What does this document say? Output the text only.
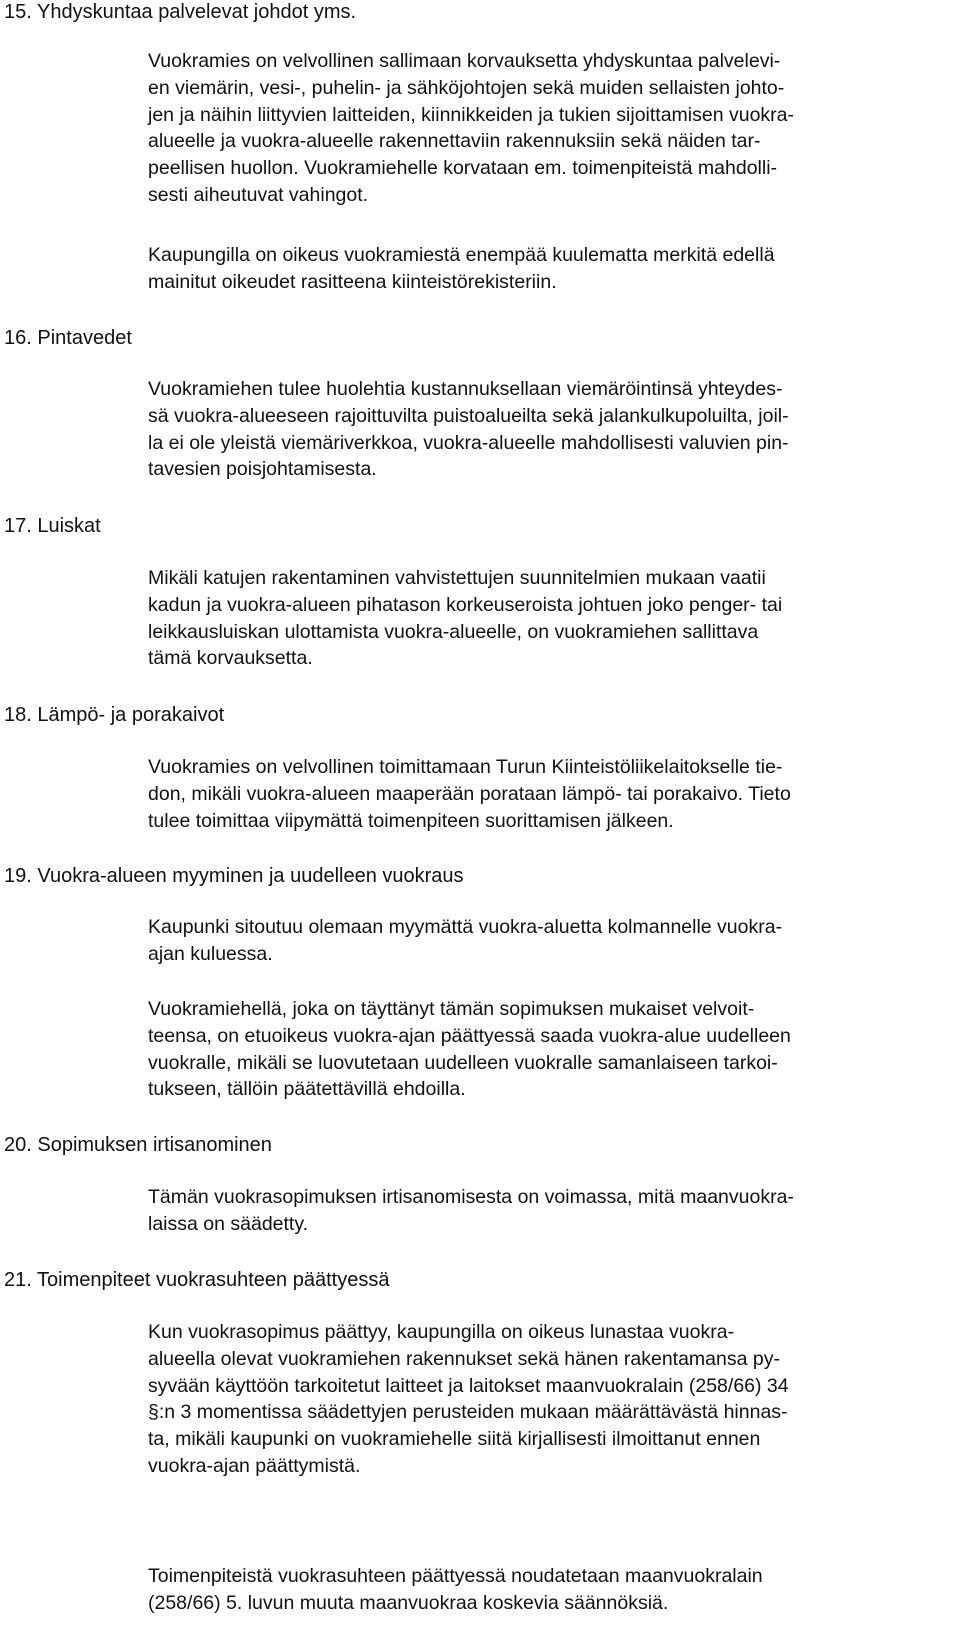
15. Yhdyskuntaa palvelevat johdot yms.

Vuokramies on velvollinen sallimaan korvauksetta yhdyskuntaa palvelevi-
en viemärin, vesi-, puhelin- ja sähköjohtojen sekä muiden sellaisten johto-
jen ja näihin liittyvien laitteiden, kiinnikkeiden ja tukien sijoittamisen vuokra-
alueelle ja vuokra-alueelle rakennettaviin rakennuksiin sekä näiden tar-
peellisen huollon. Vuokramiehelle korvataan em. toimenpiteistä mahdolli-
sesti aiheutuvat vahingot.

Kaupungilla on oikeus vuokramiestä enempää kuulematta merkitä edellä
mainitut oikeudet rasitteena kiinteistörekisteriin.

16. Pintavedet

Vuokramiehen tulee huolehtia kustannuksellaan viemäröintinsä yhteydes-
sä vuokra-alueeseen rajoittuvilta puistoalueilta sekä jalankulkupoluilta, joil-
la ei ole yleistä viemäriverkkoa, vuokra-alueelle mahdollisesti valuvien pin-
tavesien poisjohtamisesta.

17. Luiskat

Mikäli katujen rakentaminen vahvistettujen suunnitelmien mukaan vaatii
kadun ja vuokra-alueen pihatason korkeuseroista johtuen joko penger- tai
leikkausluiskan ulottamista vuokra-alueelle, on vuokramiehen sallittava
tämä korvauksetta.

18. Lämpö- ja porakaivot

Vuokramies on velvollinen toimittamaan Turun Kiinteistöliikelaitokselle tie-
don, mikäli vuokra-alueen maaperään porataan lämpö- tai porakaivo. Tieto
tulee toimittaa viipymättä toimenpiteen suorittamisen jälkeen.

19. Vuokra-alueen myyminen ja uudelleen vuokraus

Kaupunki sitoutuu olemaan myymättä vuokra-aluetta kolmannelle vuokra-
ajan kuluessa.

Vuokramiehellä, joka on täyttänyt tämän sopimuksen mukaiset velvoit-
teensa, on etuoikeus vuokra-ajan päättyessä saada vuokra-alue uudelleen
vuokralle, mikäli se luovutetaan uudelleen vuokralle samanlaiseen tarkoi-
tukseen, tällöin päätettävillä ehdoilla.

20. Sopimuksen irtisanominen

Tämän vuokrasopimuksen irtisanomisesta on voimassa, mitä maanvuokra-
laissa on säädetty.

21. Toimenpiteet vuokrasuhteen päättyessä

Kun vuokrasopimus päättyy, kaupungilla on oikeus lunastaa vuokra-
alueella olevat vuokramiehen rakennukset sekä hänen rakentamansa py-
syvään käyttöön tarkoitetut laitteet ja laitokset maanvuokralain (258/66) 34
§:n 3 momentissa säädettyjen perusteiden mukaan määrättävästä hinnas-
ta, mikäli kaupunki on vuokramiehelle siitä kirjallisesti ilmoittanut ennen
vuokra-ajan päättymistä.

Toimenpiteistä vuokrasuhteen päättyessä noudatetaan maanvuokralain
(258/66) 5. luvun muuta maanvuokraa koskevia säännöksiä.
